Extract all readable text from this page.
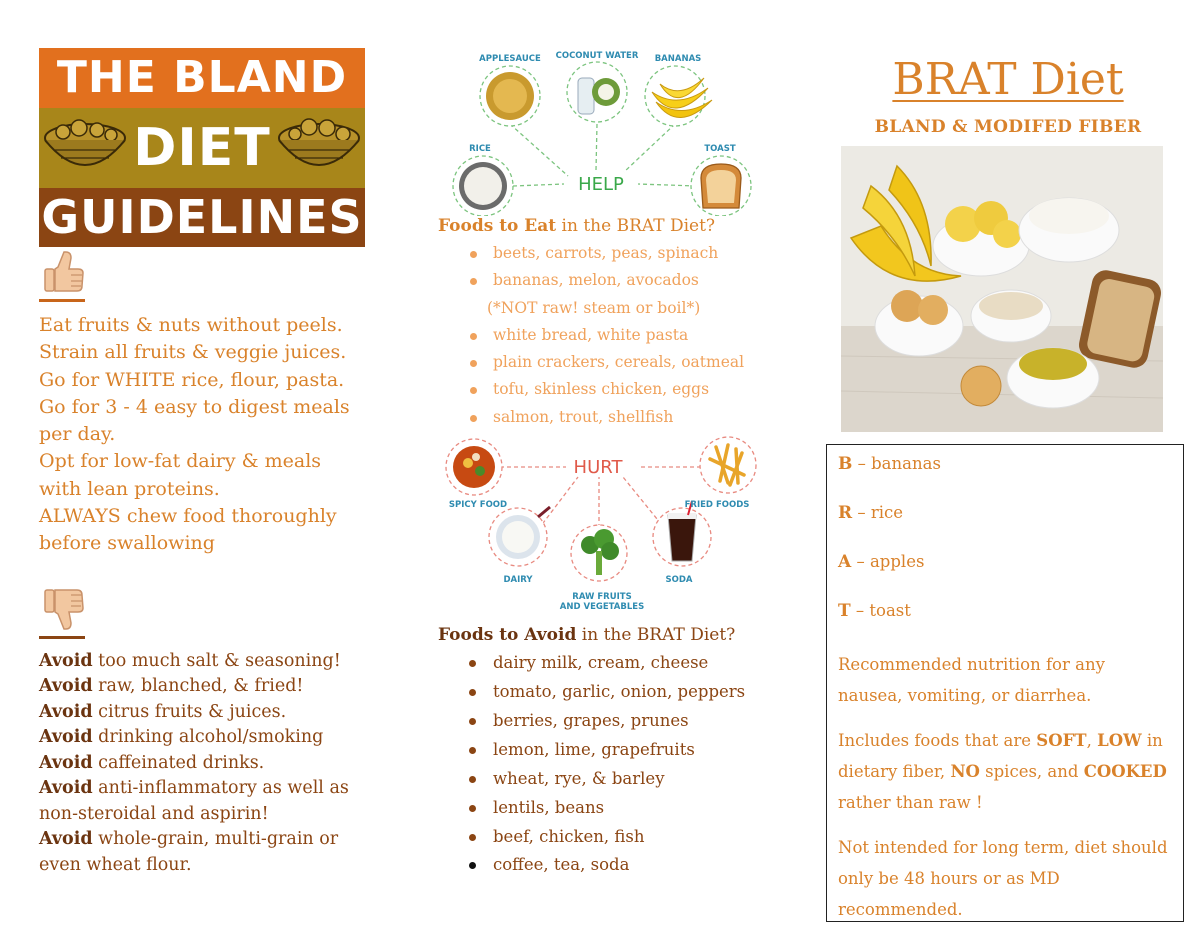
THE BLAND
DIET
GUIDELINES

Eat fruits & nuts without peels.

Strain all fruits & veggie juices.

Go for WHITE rice, flour, pasta.

Go for 3 - 4 easy to digest meals per day.

Opt for low-fat dairy & meals with lean proteins.

ALWAYS chew food thoroughly before swallowing

Avoid too much salt & seasoning!

Avoid raw, blanched, & fried!

Avoid citrus fruits & juices.

Avoid drinking alcohol/smoking

Avoid caffeinated drinks.

Avoid anti-inflammatory as well as non-steroidal and aspirin!

Avoid whole-grain, multi-grain or even wheat flour.

APPLESAUCE COCONUT WATER BANANAS
RICE	TOAST
HELP
Foods to Eat in the BRAT Diet?
beets, carrots, peas, spinach
bananas, melon, avocados
(*NOT raw! steam or boil*)
white bread, white pasta
plain crackers, cereals, oatmeal
tofu, skinless chicken, eggs
salmon, trout, shellfish
SPICY FOOD	FRIED FOODS
DAIRY
RAW FRUITS
AND VEGETABLES
SODA
HURT
Foods to Avoid in the BRAT Diet?
dairy milk, cream, cheese
tomato, garlic, onion, peppers
berries, grapes, prunes
lemon, lime, grapefruits
wheat, rye, & barley
lentils, beans
beef, chicken, fish
coffee, tea, soda
BRAT Diet
BLAND & MODIFED FIBER
B – bananas
R – rice
A – apples
T – toast

Recommended nutrition for any nausea, vomiting, or diarrhea.

Includes foods that are SOFT, LOW in dietary fiber, NO spices, and COOKED rather than raw !

Not intended for long term, diet should only be 48 hours or as MD recommended.
